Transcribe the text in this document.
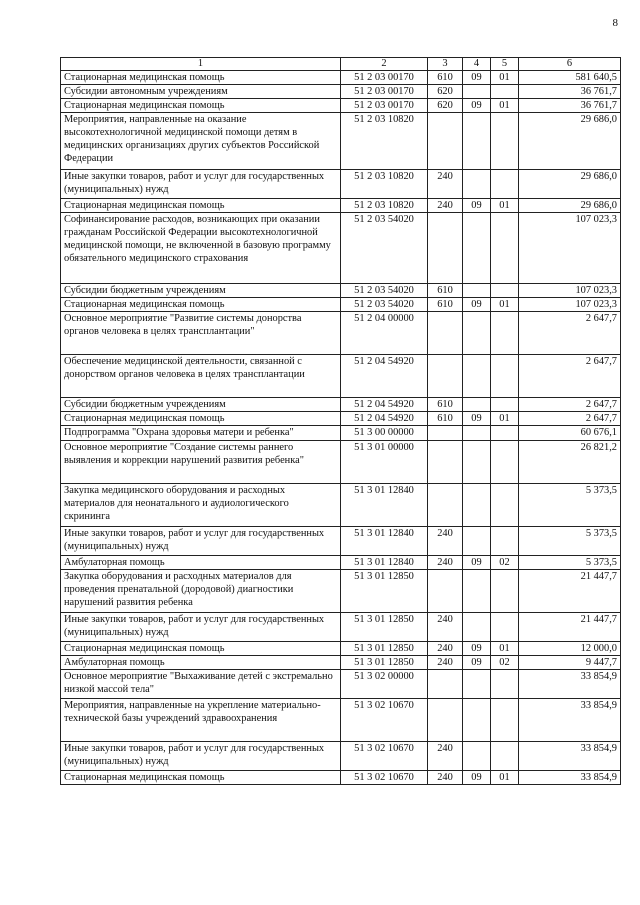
8
1	2	3	4	5	6
Стационарная медицинская помощь	51 2 03 00170	610	09	01	581 640,5
Субсидии автономным учреждениям	51 2 03 00170	620			36 761,7
Стационарная медицинская помощь	51 2 03 00170	620	09	01	36 761,7
Мероприятия, направленные на оказание высокотехнологичной медицинской помощи детям в медицинских организациях других субъектов Российской Федерации	51 2 03 10820				29 686,0
Иные закупки товаров, работ и услуг для государственных (муниципальных) нужд	51 2 03 10820	240			29 686,0
Стационарная медицинская помощь	51 2 03 10820	240	09	01	29 686,0
Софинансирование расходов, возникающих при оказании гражданам Российской Федерации высокотехнологичной медицинской помощи, не включенной в базовую программу обязательного медицинского страхования	51 2 03 54020				107 023,3
Субсидии бюджетным учреждениям	51 2 03 54020	610			107 023,3
Стационарная медицинская помощь	51 2 03 54020	610	09	01	107 023,3
Основное мероприятие "Развитие системы донорства органов человека в целях трансплантации"	51 2 04 00000				2 647,7
Обеспечение медицинской деятельности, связанной с донорством органов человека в целях трансплантации	51 2 04 54920				2 647,7
Субсидии бюджетным учреждениям	51 2 04 54920	610			2 647,7
Стационарная медицинская помощь	51 2 04 54920	610	09	01	2 647,7
Подпрограмма "Охрана здоровья матери и ребенка"	51 3 00 00000				60 676,1
Основное мероприятие "Создание системы раннего выявления и коррекции нарушений развития ребенка"	51 3 01 00000				26 821,2
Закупка медицинского оборудования и расходных материалов для неонатального и аудиологического скрининга	51 3 01 12840				5 373,5
Иные закупки товаров, работ и услуг для государственных (муниципальных) нужд	51 3 01 12840	240			5 373,5
Амбулаторная помощь	51 3 01 12840	240	09	02	5 373,5
Закупка оборудования и расходных материалов для проведения пренатальной (дородовой) диагностики нарушений развития ребенка	51 3 01 12850				21 447,7
Иные закупки товаров, работ и услуг для государственных (муниципальных) нужд	51 3 01 12850	240			21 447,7
Стационарная медицинская помощь	51 3 01 12850	240	09	01	12 000,0
Амбулаторная помощь	51 3 01 12850	240	09	02	9 447,7
Основное мероприятие "Выхаживание детей с экстремально низкой массой тела"	51 3 02 00000				33 854,9
Мероприятия, направленные на укрепление материально-технической базы учреждений здравоохранения	51 3 02 10670				33 854,9
Иные закупки товаров, работ и услуг для государственных (муниципальных) нужд	51 3 02 10670	240			33 854,9
Стационарная медицинская помощь	51 3 02 10670	240	09	01	33 854,9
